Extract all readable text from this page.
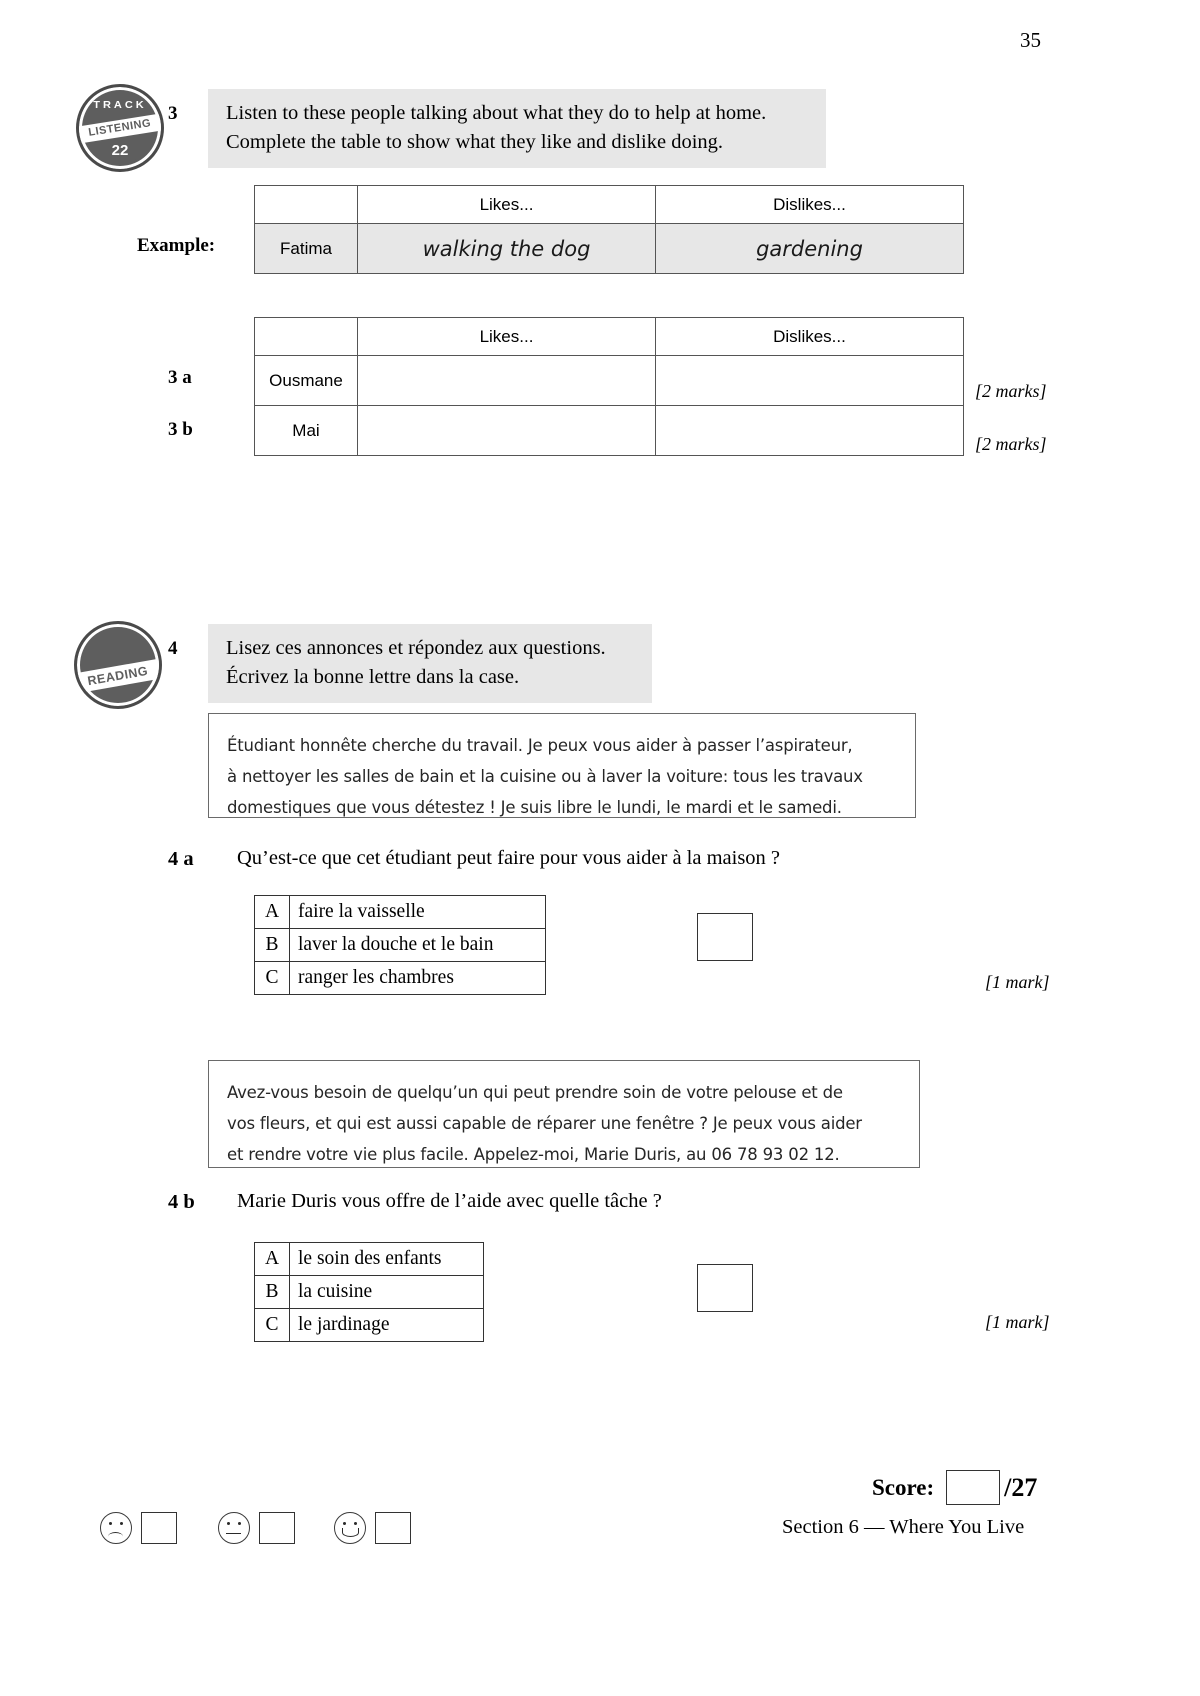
35
TRACK
LISTENING
22
3 Listen to these people talking about what they do to help at home.
Complete the table to show what they like and dislike doing.
Example:
	Likes...	Dislikes...
Fatima	walking the dog	gardening
3 a
3 b
	Likes...	Dislikes...
Ousmane		
Mai		
[2 marks]
[2 marks]
READING
4 Lisez ces annonces et répondez aux questions.
Écrivez la bonne lettre dans la case.
Étudiant honnête cherche du travail. Je peux vous aider à passer l’aspirateur,
à nettoyer les salles de bain et la cuisine ou à laver la voiture: tous les travaux
domestiques que vous détestez ! Je suis libre le lundi, le mardi et le samedi.
4 a Qu’est-ce que cet étudiant peut faire pour vous aider à la maison ?
A	faire la vaisselle
B	laver la douche et le bain
C	ranger les chambres	[1 mark]
Avez-vous besoin de quelqu’un qui peut prendre soin de votre pelouse et de
vos fleurs, et qui est aussi capable de réparer une fenêtre ? Je peux vous aider
et rendre votre vie plus facile. Appelez-moi, Marie Duris, au 06 78 93 02 12.
4 b Marie Duris vous offre de l’aide avec quelle tâche ?
A	le soin des enfants
B	la cuisine
C	le jardinage	[1 mark]
Score:	/27
Section 6 — Where You Live
